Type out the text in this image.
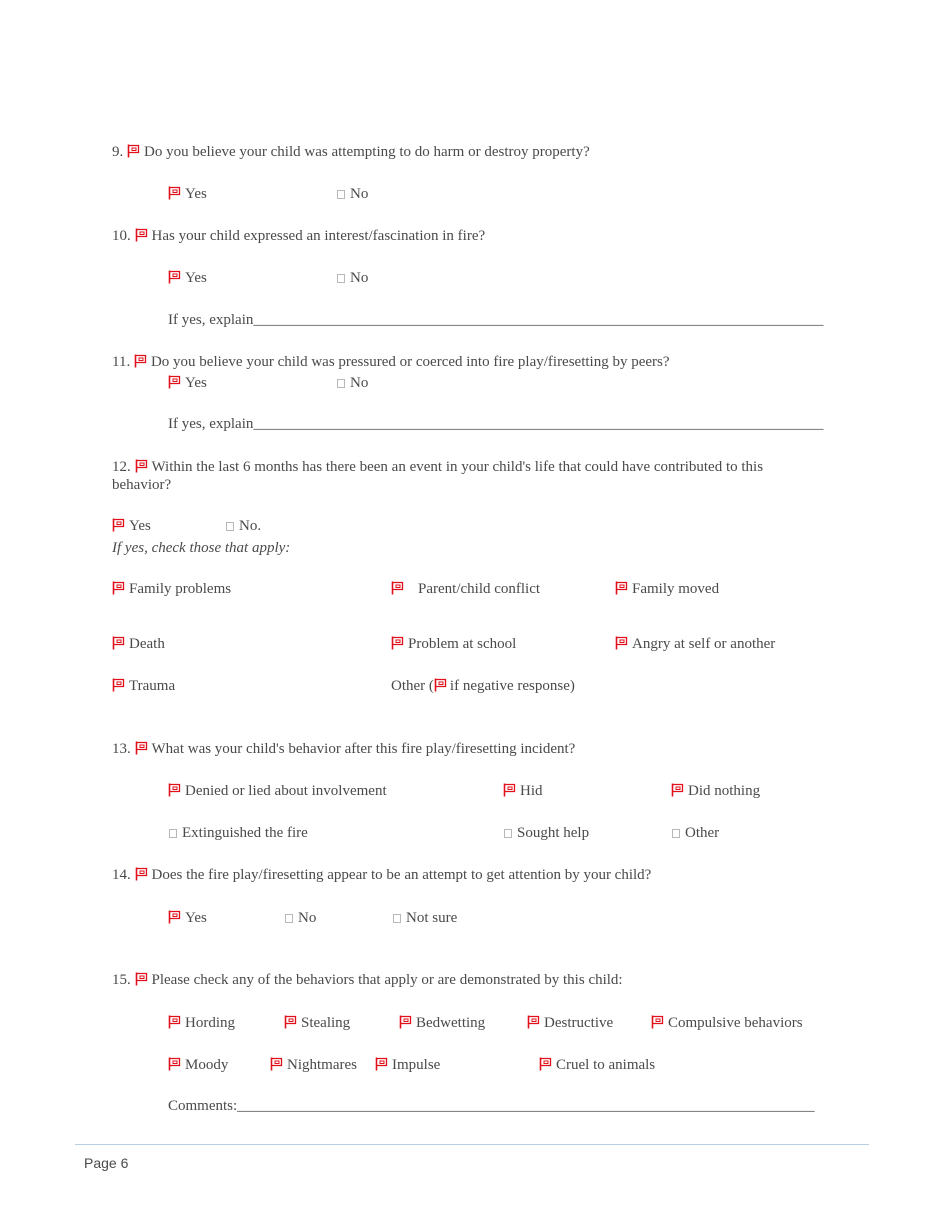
9. Do you believe your child was attempting to do harm or destroy property?
Yes	No
10. Has your child expressed an interest/fascination in fire?
Yes	No
If yes, explain____________________________________________________________________________
11. Do you believe your child was pressured or coerced into fire play/firesetting by peers?
Yes	No
If yes, explain____________________________________________________________________________
12. Within the last 6 months has there been an event in your child's life that could have contributed to this
behavior?
Yes	No.
If yes, check those that apply:
Family problems	Parent/child conflict	Family moved
Death	Problem at school	Angry at self or another
Trauma	Other ( if negative response)
13. What was your child's behavior after this fire play/firesetting incident?
Denied or lied about involvement	Hid	Did nothing
Extinguished the fire	Sought help	Other
14. Does the fire play/firesetting appear to be an attempt to get attention by your child?
Yes	No	Not sure
15. Please check any of the behaviors that apply or are demonstrated by this child:
Hording	Stealing	Bedwetting	Destructive	Compulsive behaviors
Moody	Nightmares	Impulse	Cruel to animals
Comments:_____________________________________________________________________________
Page 6
